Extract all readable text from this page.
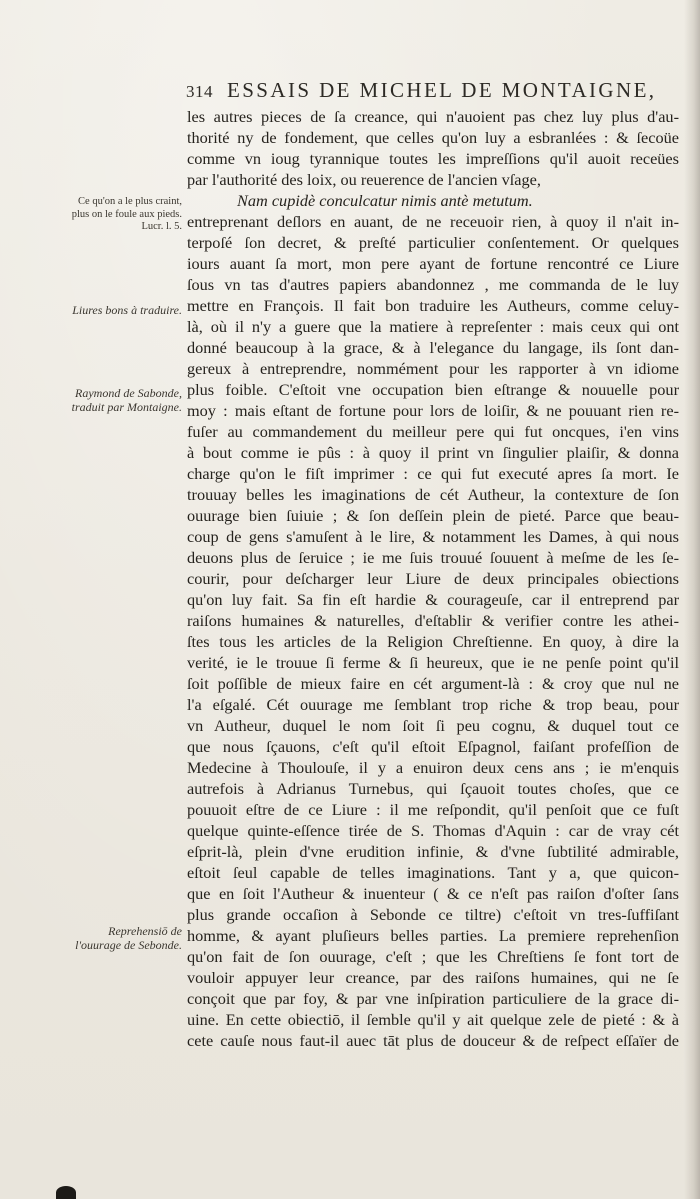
314 ESSAIS DE MICHEL DE MONTAIGNE,
Ce qu'on a le plus craint, plus on le foule aux pieds. Lucr. l. 5.
Liures bons à traduire.
Raymond de Sabonde, traduit par Montaigne.
Reprehensiō de l'ouurage de Sebonde.
les autres pieces de ſa creance, qui n'auoient pas chez luy plus d'au-
thorité ny de fondement, que celles qu'on luy a esbranlées : & ſecoüe
comme vn ioug tyrannique toutes les impreſſions qu'il auoit receües
par l'authorité des loix, ou reuerence de l'ancien vſage,
Nam cupidè conculcatur nimis antè metutum.
entreprenant deſlors en auant, de ne receuoir rien, à quoy il n'ait in-
terpoſé ſon decret, & preſté particulier conſentement. Or quelques
iours auant ſa mort, mon pere ayant de fortune rencontré ce Liure
ſous vn tas d'autres papiers abandonnez , me commanda de le luy
mettre en François. Il fait bon traduire les Autheurs, comme celuy-
là, où il n'y a guere que la matiere à repreſenter : mais ceux qui ont
donné beaucoup à la grace, & à l'elegance du langage, ils ſont dan-
gereux à entreprendre, nommément pour les rapporter à vn idiome
plus foible. C'eſtoit vne occupation bien eſtrange & nouuelle pour
moy : mais eſtant de fortune pour lors de loiſir, & ne pouuant rien re-
fuſer au commandement du meilleur pere qui fut oncques, i'en vins
à bout comme ie pûs : à quoy il print vn ſingulier plaiſir, & donna
charge qu'on le fiſt imprimer : ce qui fut executé apres ſa mort. Ie
trouuay belles les imaginations de cét Autheur, la contexture de ſon
ouurage bien ſuiuie ; & ſon deſſein plein de pieté. Parce que beau-
coup de gens s'amuſent à le lire, & notamment les Dames, à qui nous
deuons plus de ſeruice ; ie me ſuis trouué ſouuent à meſme de les ſe-
courir, pour deſcharger leur Liure de deux principales obiections
qu'on luy fait. Sa fin eſt hardie & courageuſe, car il entreprend par
raiſons humaines & naturelles, d'eſtablir & verifier contre les athei-
ſtes tous les articles de la Religion Chreſtienne. En quoy, à dire la
verité, ie le trouue ſi ferme & ſi heureux, que ie ne penſe point qu'il
ſoit poſſible de mieux faire en cét argument-là : & croy que nul ne
l'a eſgalé. Cét ouurage me ſemblant trop riche & trop beau, pour
vn Autheur, duquel le nom ſoit ſi peu cognu, & duquel tout ce
que nous ſçauons, c'eſt qu'il eſtoit Eſpagnol, faiſant profeſſion de
Medecine à Thoulouſe, il y a enuiron deux cens ans ; ie m'enquis
autrefois à Adrianus Turnebus, qui ſçauoit toutes choſes, que ce
pouuoit eſtre de ce Liure : il me reſpondit, qu'il penſoit que ce fuſt
quelque quinte-eſſence tirée de S. Thomas d'Aquin : car de vray cét
eſprit-là, plein d'vne erudition infinie, & d'vne ſubtilité admirable,
eſtoit ſeul capable de telles imaginations. Tant y a, que quicon-
que en ſoit l'Autheur & inuenteur ( & ce n'eſt pas raiſon d'oſter ſans
plus grande occaſion à Sebonde ce tiltre) c'eſtoit vn tres-ſuffiſant
homme, & ayant pluſieurs belles parties. La premiere reprehenſion
qu'on fait de ſon ouurage, c'eſt ; que les Chreſtiens ſe font tort de
vouloir appuyer leur creance, par des raiſons humaines, qui ne ſe
conçoit que par foy, & par vne inſpiration particuliere de la grace di-
uine. En cette obiectiō, il ſemble qu'il y ait quelque zele de pieté : & à
cete cauſe nous faut-il auec tāt plus de douceur & de reſpect eſſaïer de
